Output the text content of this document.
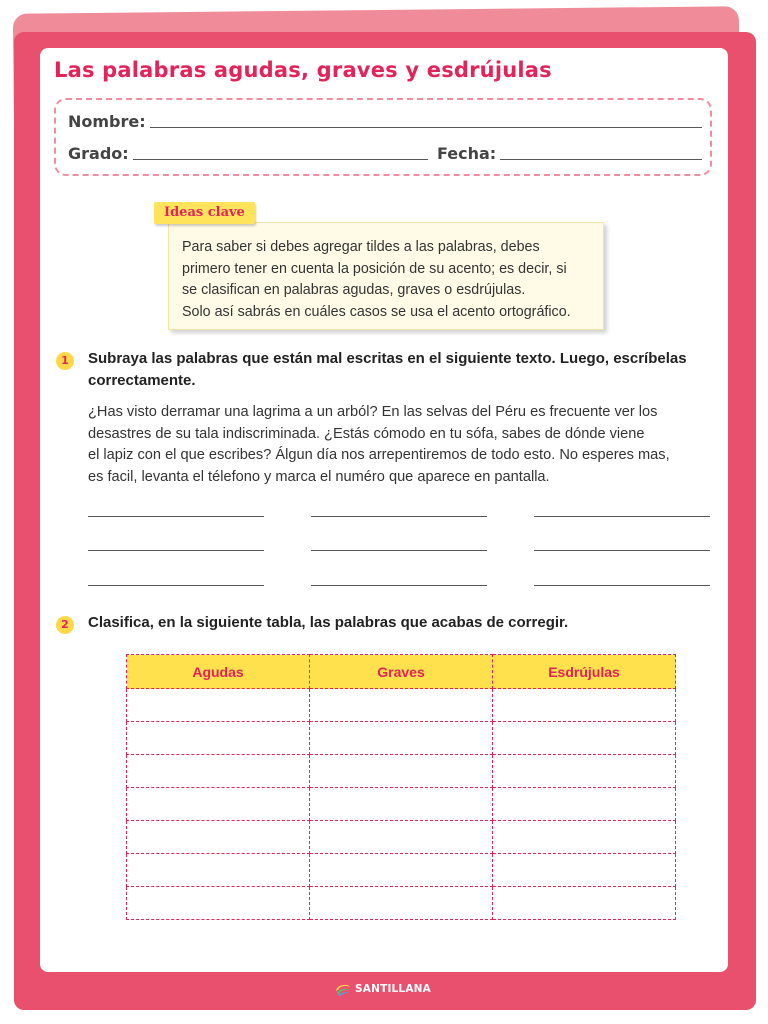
Las palabras agudas, graves y esdrújulas
Nombre:
Grado:	Fecha:
Ideas clave

Para saber si debes agregar tildes a las palabras, debes

primero tener en cuenta la posición de su acento; es decir, si

se clasifican en palabras agudas, graves o esdrújulas.

Solo así sabrás en cuáles casos se usa el acento ortográfico.

1	Subraya las palabras que están mal escritas en el siguiente texto. Luego, escríbelas
correctamente.
¿Has visto derramar una lagrima a un arból? En las selvas del Péru es frecuente ver los
desastres de su tala indiscriminada. ¿Estás cómodo en tu sófa, sabes de dónde viene
el lapiz con el que escribes? Álgun día nos arrepentiremos de todo esto. No esperes mas,
es facil, levanta el télefono y marca el numéro que aparece en pantalla.
2	Clasifica, en la siguiente tabla, las palabras que acabas de corregir.
Agudas	Graves	Esdrújulas

SANTILLANA
